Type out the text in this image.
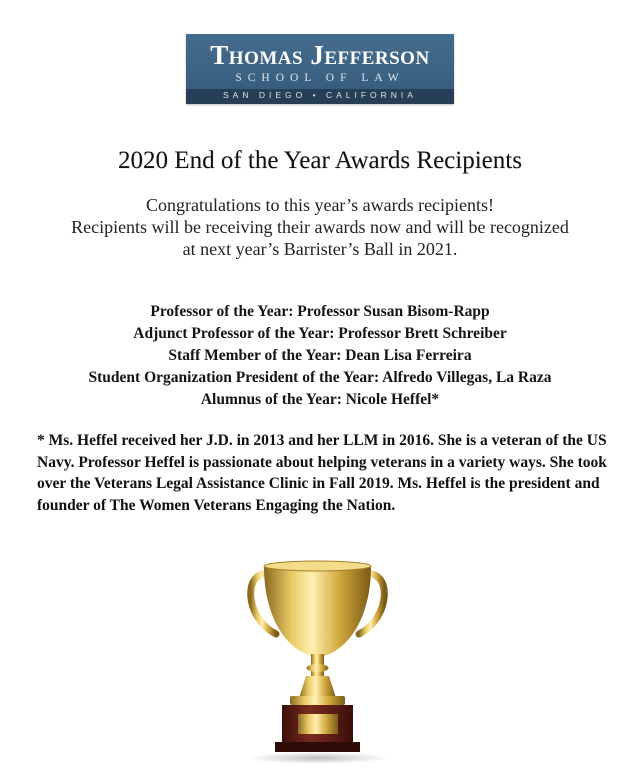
Thomas Jefferson
SCHOOL OF LAW
SAN DIEGO • CALIFORNIA
2020 End of the Year Awards Recipients
Congratulations to this year’s awards recipients!
Recipients will be receiving their awards now and will be recognized
at next year’s Barrister’s Ball in 2021.
Professor of the Year: Professor Susan Bisom-Rapp
Adjunct Professor of the Year: Professor Brett Schreiber
Staff Member of the Year: Dean Lisa Ferreira
Student Organization President of the Year: Alfredo Villegas, La Raza
Alumnus of the Year: Nicole Heffel*

* Ms. Heffel received her J.D. in 2013 and her LLM in 2016. She is a veteran of the US Navy. Professor Heffel is passionate about helping veterans in a variety ways. She took over the Veterans Legal Assistance Clinic in Fall 2019. Ms. Heffel is the president and founder of The Women Veterans Engaging the Nation.
